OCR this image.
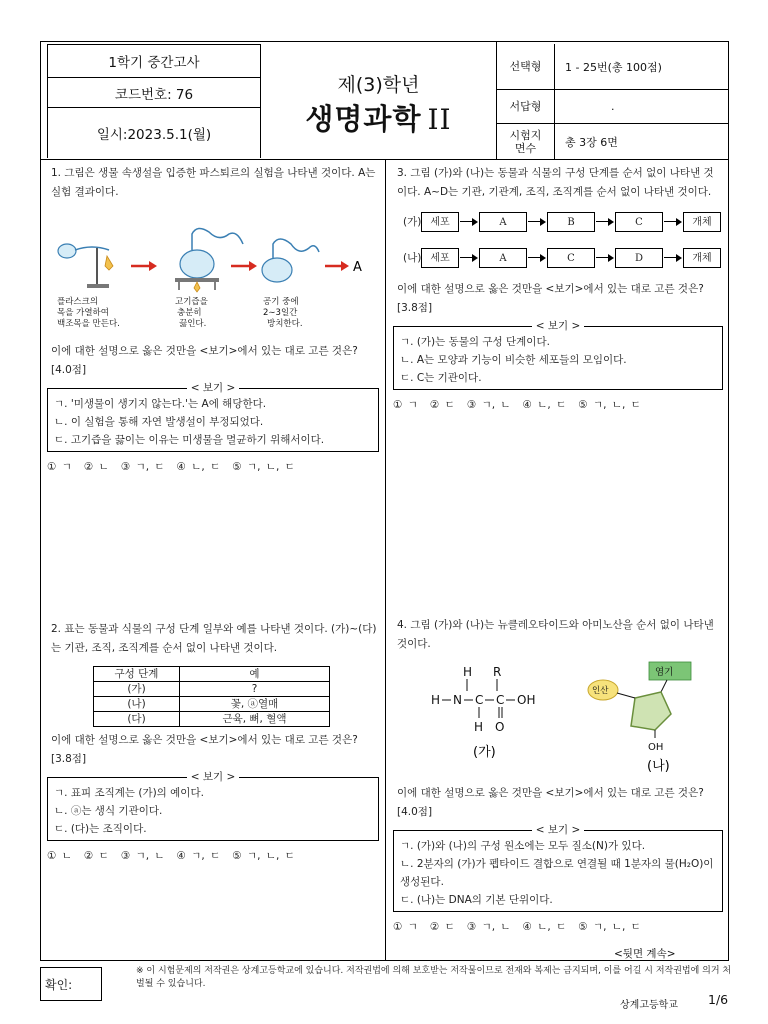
1학기 중간고사
코드번호: 76
일시:2023.5.1(월)
제(3)학년
생명과학 II
선택형	1 - 25번(총 100점)
서답형	.
시험지
면수	총 3장 6면
1. 그림은 생물 속생설을 입증한 파스퇴르의 실험을 나타낸 것이다. A는 실험 결과이다.
플라스크의
목을 가열하여
백조목을 만든다.
고기즙을
충분히
끓인다.
공기 중에
2∼3일간
방치한다.
A
이에 대한 설명으로 옳은 것만을 <보기>에서 있는 대로 고른 것은? [4.0점]
< 보기 >
ㄱ. '미생물이 생기지 않는다.'는 A에 해당한다.
ㄴ. 이 실험을 통해 자연 발생설이 부정되었다.
ㄷ. 고기즙을 끓이는 이유는 미생물을 멸균하기 위해서이다.
① ㄱ ② ㄴ ③ ㄱ, ㄷ ④ ㄴ, ㄷ ⑤ ㄱ, ㄴ, ㄷ
2. 표는 동물과 식물의 구성 단계 일부와 예를 나타낸 것이다. (가)~(다)는 기관, 조직, 조직계를 순서 없이 나타낸 것이다.
구성 단계	예
(가)	?
(나)	꽃, ⓐ열매
(다)	근육, 뼈, 혈액
이에 대한 설명으로 옳은 것만을 <보기>에서 있는 대로 고른 것은? [3.8점]
< 보기 >
ㄱ. 표피 조직계는 (가)의 예이다.
ㄴ. ⓐ는 생식 기관이다.
ㄷ. (다)는 조직이다.
① ㄴ ② ㄷ ③ ㄱ, ㄴ ④ ㄱ, ㄷ ⑤ ㄱ, ㄴ, ㄷ
3. 그림 (가)와 (나)는 동물과 식물의 구성 단계를 순서 없이 나타낸 것이다. A~D는 기관, 기관계, 조직, 조직계를 순서 없이 나타낸 것이다.
(가) 세포	A	B	C	개체
(나) 세포	A	C	D	개체
이에 대한 설명으로 옳은 것만을 <보기>에서 있는 대로 고른 것은? [3.8점]
< 보기 >
ㄱ. (가)는 동물의 구성 단계이다.
ㄴ. A는 모양과 기능이 비슷한 세포들의 모임이다.
ㄷ. C는 기관이다.
① ㄱ ② ㄷ ③ ㄱ, ㄴ ④ ㄴ, ㄷ ⑤ ㄱ, ㄴ, ㄷ
4. 그림 (가)와 (나)는 뉴클레오타이드와 아미노산을 순서 없이 나타낸 것이다.
H R
H N C C OH
H O
(가)
염기
인산
OH
(나)
이에 대한 설명으로 옳은 것만을 <보기>에서 있는 대로 고른 것은? [4.0점]
< 보기 >
ㄱ. (가)와 (나)의 구성 원소에는 모두 질소(N)가 있다.
ㄴ. 2분자의 (가)가 펩타이드 결합으로 연결될 때 1분자의 물(H₂O)이 생성된다.
ㄷ. (나)는 DNA의 기본 단위이다.
① ㄱ ② ㄷ ③ ㄱ, ㄴ ④ ㄴ, ㄷ ⑤ ㄱ, ㄴ, ㄷ
<뒷면 계속>
확인:
※ 이 시험문제의 저작권은 상계고등학교에 있습니다. 저작권법에 의해 보호받는 저작물이므로 전재와 복제는 금지되며, 이를 어길 시 저작권법에 의거 처벌될 수 있습니다.
상계고등학교 1/6
